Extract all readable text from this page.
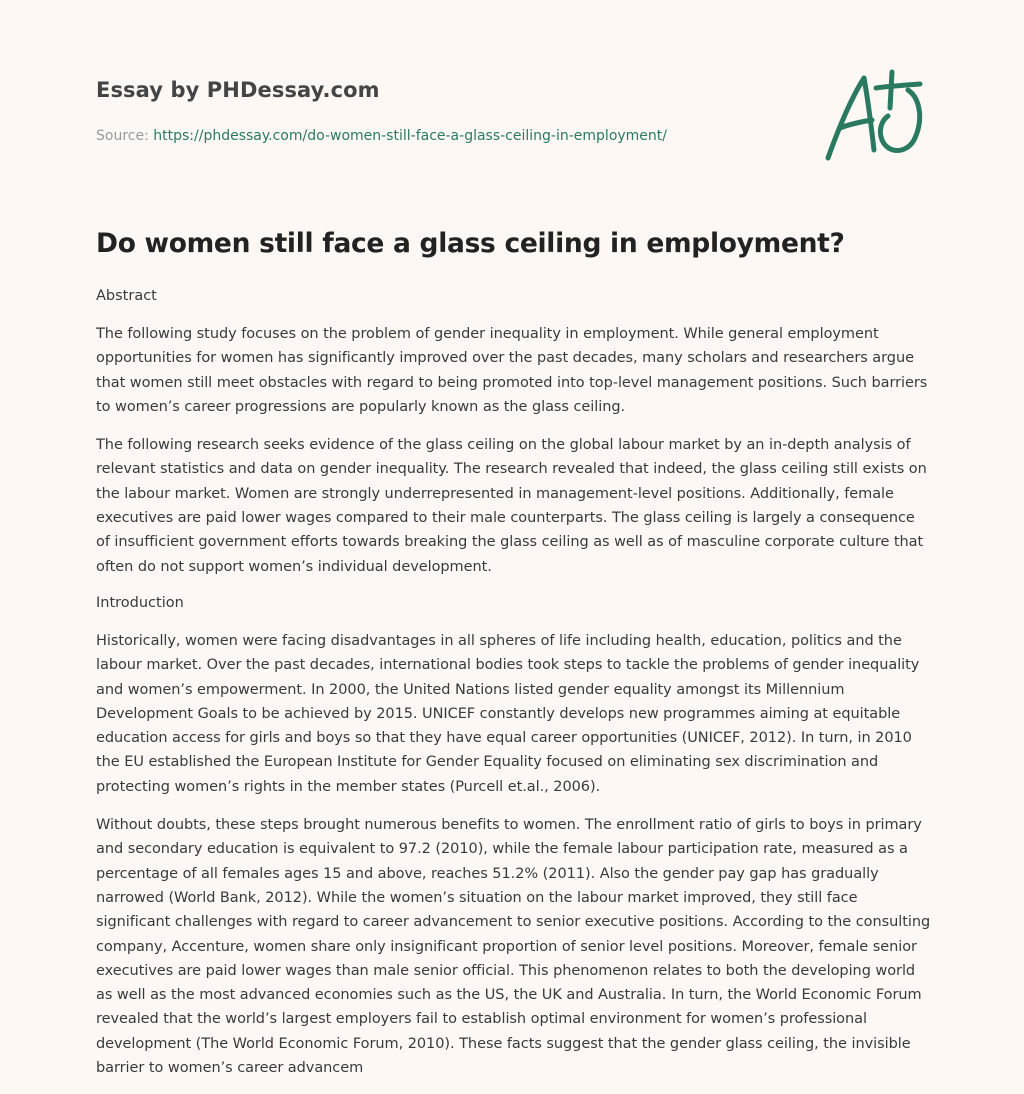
Essay by PHDessay.com
Source: https://phdessay.com/do-women-still-face-a-glass-ceiling-in-employment/
Do women still face a glass ceiling in employment?
Abstract

The following study focuses on the problem of gender inequality in employment. While general employment opportunities for women has significantly improved over the past decades, many scholars and researchers argue that women still meet obstacles with regard to being promoted into top-level management positions. Such barriers to women’s career progressions are popularly known as the glass ceiling.

The following research seeks evidence of the glass ceiling on the global labour market by an in-depth analysis of relevant statistics and data on gender inequality. The research revealed that indeed, the glass ceiling still exists on the labour market. Women are strongly underrepresented in management-level positions. Additionally, female executives are paid lower wages compared to their male counterparts. The glass ceiling is largely a consequence of insufficient government efforts towards breaking the glass ceiling as well as of masculine corporate culture that often do not support women’s individual development.

Introduction

Historically, women were facing disadvantages in all spheres of life including health, education, politics and the labour market. Over the past decades, international bodies took steps to tackle the problems of gender inequality and women’s empowerment. In 2000, the United Nations listed gender equality amongst its Millennium Development Goals to be achieved by 2015. UNICEF constantly develops new programmes aiming at equitable education access for girls and boys so that they have equal career opportunities (UNICEF, 2012). In turn, in 2010 the EU established the European Institute for Gender Equality focused on eliminating sex discrimination and protecting women’s rights in the member states (Purcell et.al., 2006).

Without doubts, these steps brought numerous benefits to women. The enrollment ratio of girls to boys in primary and secondary education is equivalent to 97.2 (2010), while the female labour participation rate, measured as a percentage of all females ages 15 and above, reaches 51.2% (2011). Also the gender pay gap has gradually narrowed (World Bank, 2012). While the women’s situation on the labour market improved, they still face significant challenges with regard to career advancement to senior executive positions. According to the consulting company, Accenture, women share only insignificant proportion of senior level positions. Moreover, female senior executives are paid lower wages than male senior official. This phenomenon relates to both the developing world as well as the most advanced economies such as the US, the UK and Australia. In turn, the World Economic Forum revealed that the world’s largest employers fail to establish optimal environment for women’s professional development (The World Economic Forum, 2010). These facts suggest that the gender glass ceiling, the invisible barrier to women’s career advancem
